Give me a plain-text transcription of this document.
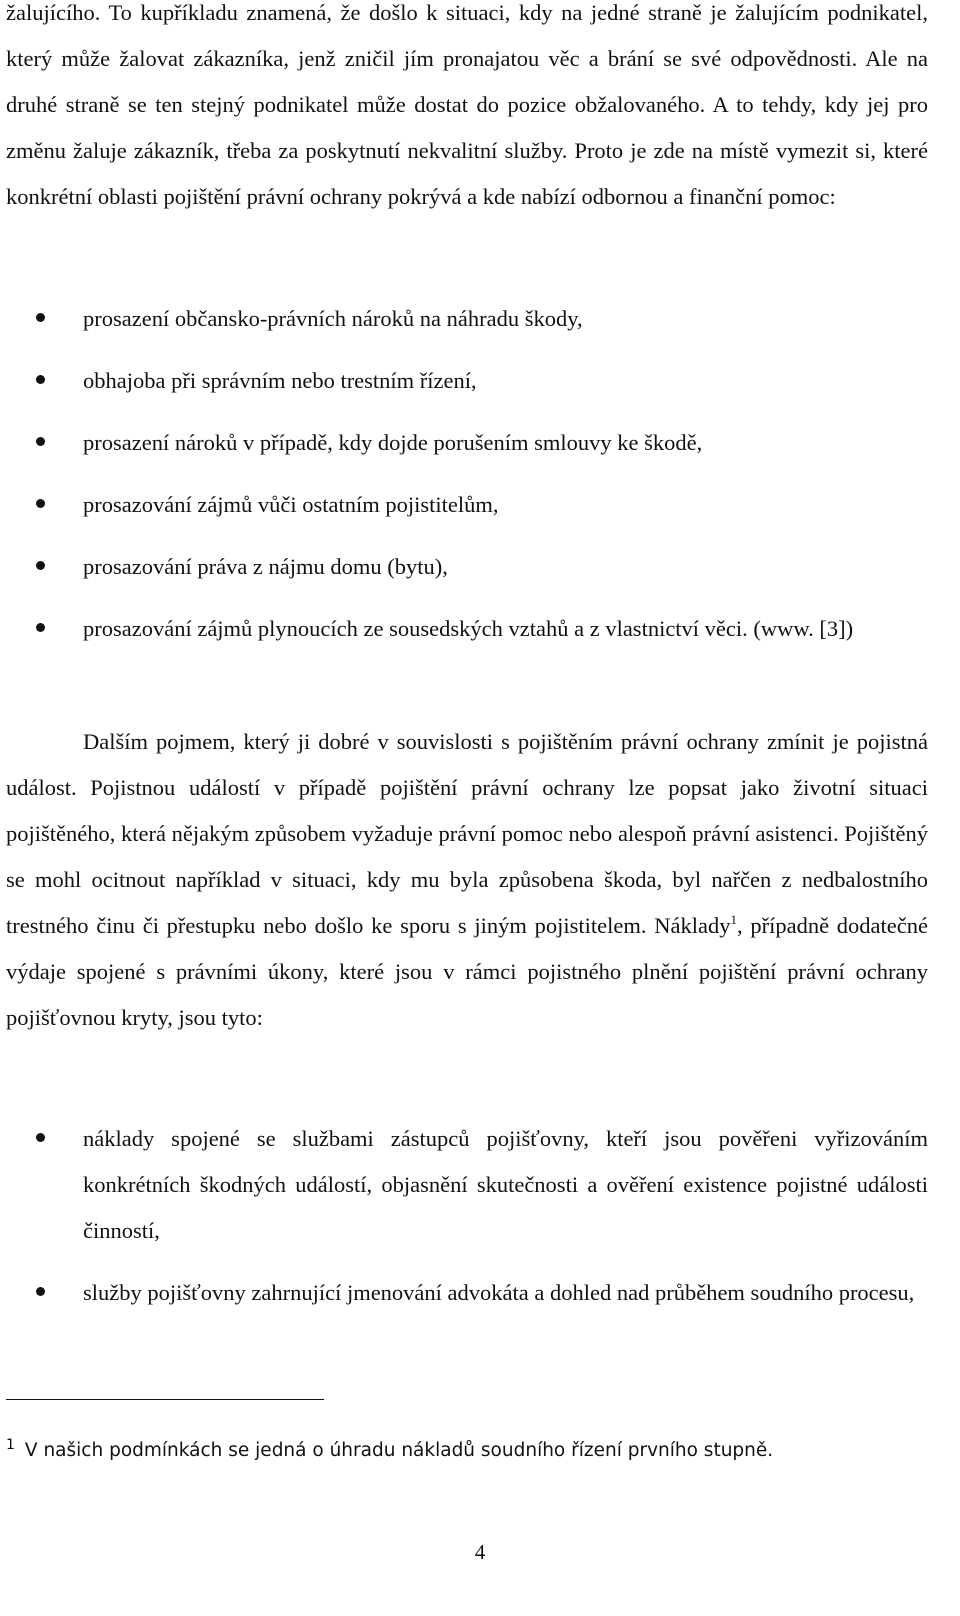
žalujícího. To kupříkladu znamená, že došlo k situaci, kdy na jedné straně je žalujícím podnikatel, který může žalovat zákazníka, jenž zničil jím pronajatou věc a brání se své odpovědnosti. Ale na druhé straně se ten stejný podnikatel může dostat do pozice obžalovaného. A to tehdy, kdy jej pro změnu žaluje zákazník, třeba za poskytnutí nekvalitní služby. Proto je zde na místě vymezit si, které konkrétní oblasti pojištění právní ochrany pokrývá a kde nabízí odbornou a finanční pomoc:

prosazení občansko-právních nároků na náhradu škody,
obhajoba při správním nebo trestním řízení,
prosazení nároků v případě, kdy dojde porušením smlouvy ke škodě,
prosazování zájmů vůči ostatním pojistitelům,
prosazování práva z nájmu domu (bytu),
prosazování zájmů plynoucích ze sousedských vztahů a z vlastnictví věci. (www. [3])

Dalším pojmem, který ji dobré v souvislosti s pojištěním právní ochrany zmínit je pojistná událost. Pojistnou událostí v případě pojištění právní ochrany lze popsat jako životní situaci pojištěného, která nějakým způsobem vyžaduje právní pomoc nebo alespoň právní asistenci. Pojištěný se mohl ocitnout například v situaci, kdy mu byla způsobena škoda, byl nařčen z nedbalostního trestného činu či přestupku nebo došlo ke sporu s jiným pojistitelem. Náklady$^1$, případně dodatečné výdaje spojené s právními úkony, které jsou v rámci pojistného plnění pojištění právní ochrany pojišťovnou kryty, jsou tyto:

náklady spojené se službami zástupců pojišťovny, kteří jsou pověřeni vyřizováním konkrétních škodných událostí, objasnění skutečnosti a ověření existence pojistné události činností,
služby pojišťovny zahrnující jmenování advokáta a dohled nad průběhem soudního procesu,
$^1$ V našich podmínkách se jedná o úhradu nákladů soudního řízení prvního stupně.
4
